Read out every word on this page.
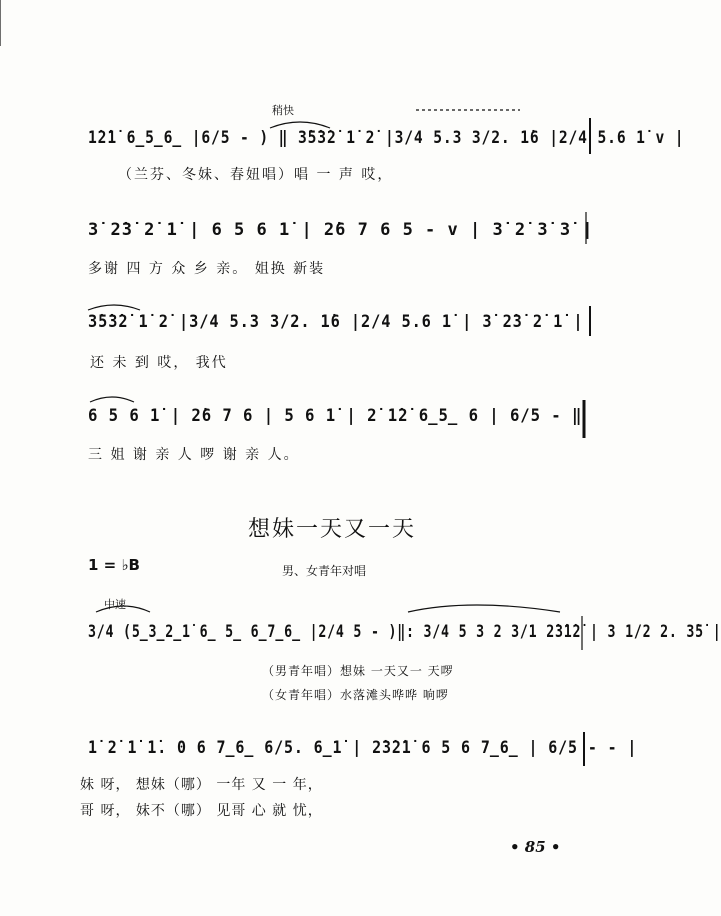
稍快
1̇2̇1̇ 6̲5̲6̲ |6/5 - ) ‖ 3̇5̇3̇2̇ 1̇ 2̇ |3/4 5.3 3/2. 1̇6 |2/4 5.6 1̇ v |
（兰芬、冬妹、春妞唱）唱 一 声 哎，
3̇ 2̇3̇ 2̇ 1̇ | 6 5 6 1̇ | 2̇6 7 6 5 - v | 3̇ 2̇ 3̇ 3̇ |
多谢 四 方 众 乡 亲。 姐换 新装
3̇5̇3̇2̇ 1̇ 2̇ |3/4 5.3 3/2. 1̇6 |2/4 5.6 1̇ | 3̇ 2̇3̇ 2̇ 1̇ |
还 未 到 哎， 我代
6 5 6 1̇ | 2̇6 7 6 | 5 6 1̇ | 2̇ 1̇2̇ 6̲5̲ 6 | 6/5 - ‖
三 姐 谢 亲 人 啰 谢 亲 人。
想妹一天又一天
1 = ♭B	男、女青年对唱
中速
3/4 (5̲3̲2̲1̇ 6̲ 5̲ 6̲7̲6̲ |2/4 5 - )‖: 3/4 5 3 2 3/1 2̇3̇1̇2̇ | 3 1/2 2. 3̇5̇ |
（男青年唱）想妹 一天又一 天啰
（女青年唱）水落滩头哗哗 响啰
1̇ 2̇ 1̇ 1̇. 0 6 7̲6̲ 6/5. 6̲1̇ | 2̇3̇2̇1̇ 6 5 6 7̲6̲ | 6/5 - - |
妹 呀， 想妹（哪） 一年 又 一 年，
哥 呀， 妹不（哪） 见哥 心 就 忧，
• 85 •
